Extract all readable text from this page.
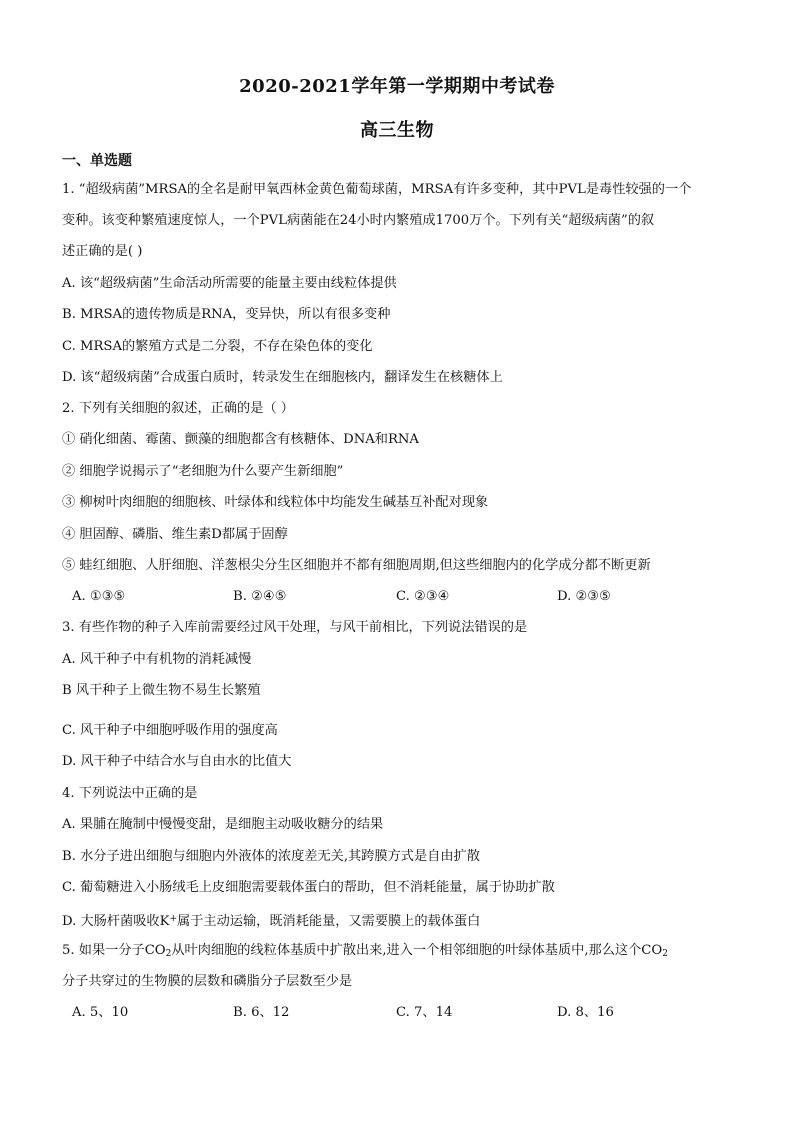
2020-2021学年第一学期期中考试卷
高三生物
一、单选题
1. “超级病菌”MRSA的全名是耐甲氧西林金黄色葡萄球菌，MRSA有许多变种，其中PVL是毒性较强的一个
变种。该变种繁殖速度惊人，一个PVL病菌能在24小时内繁殖成1700万个。下列有关“超级病菌”的叙
述正确的是( )
A. 该“超级病菌”生命活动所需要的能量主要由线粒体提供
B. MRSA的遗传物质是RNA，变异快，所以有很多变种
C. MRSA的繁殖方式是二分裂，不存在染色体的变化
D. 该“超级病菌”合成蛋白质时，转录发生在细胞核内，翻译发生在核糖体上
2. 下列有关细胞的叙述，正确的是（ ）
① 硝化细菌、霉菌、颤藻的细胞都含有核糖体、DNA和RNA
② 细胞学说揭示了“老细胞为什么要产生新细胞”
③ 柳树叶肉细胞的细胞核、叶绿体和线粒体中均能发生碱基互补配对现象
④ 胆固醇、磷脂、维生素D都属于固醇
⑤ 蛙红细胞、人肝细胞、洋葱根尖分生区细胞并不都有细胞周期,但这些细胞内的化学成分都不断更新
A. ①③⑤	B. ②④⑤	C. ②③④	D. ②③⑤
3. 有些作物的种子入库前需要经过风干处理，与风干前相比，下列说法错误的是
A. 风干种子中有机物的消耗减慢
B 风干种子上微生物不易生长繁殖
C. 风干种子中细胞呼吸作用的强度高
D. 风干种子中结合水与自由水的比值大
4. 下列说法中正确的是
A. 果脯在腌制中慢慢变甜，是细胞主动吸收糖分的结果
B. 水分子进出细胞与细胞内外液体的浓度差无关,其跨膜方式是自由扩散
C. 葡萄糖进入小肠绒毛上皮细胞需要载体蛋白的帮助，但不消耗能量，属于协助扩散
D. 大肠杆菌吸收K+属于主动运输，既消耗能量，又需要膜上的载体蛋白
5. 如果一分子$CO_2$从叶肉细胞的线粒体基质中扩散出来,进入一个相邻细胞的叶绿体基质中,那么这个$CO_2$
分子共穿过的生物膜的层数和磷脂分子层数至少是
A. 5、10	B. 6、12	C. 7、14	D. 8、16
